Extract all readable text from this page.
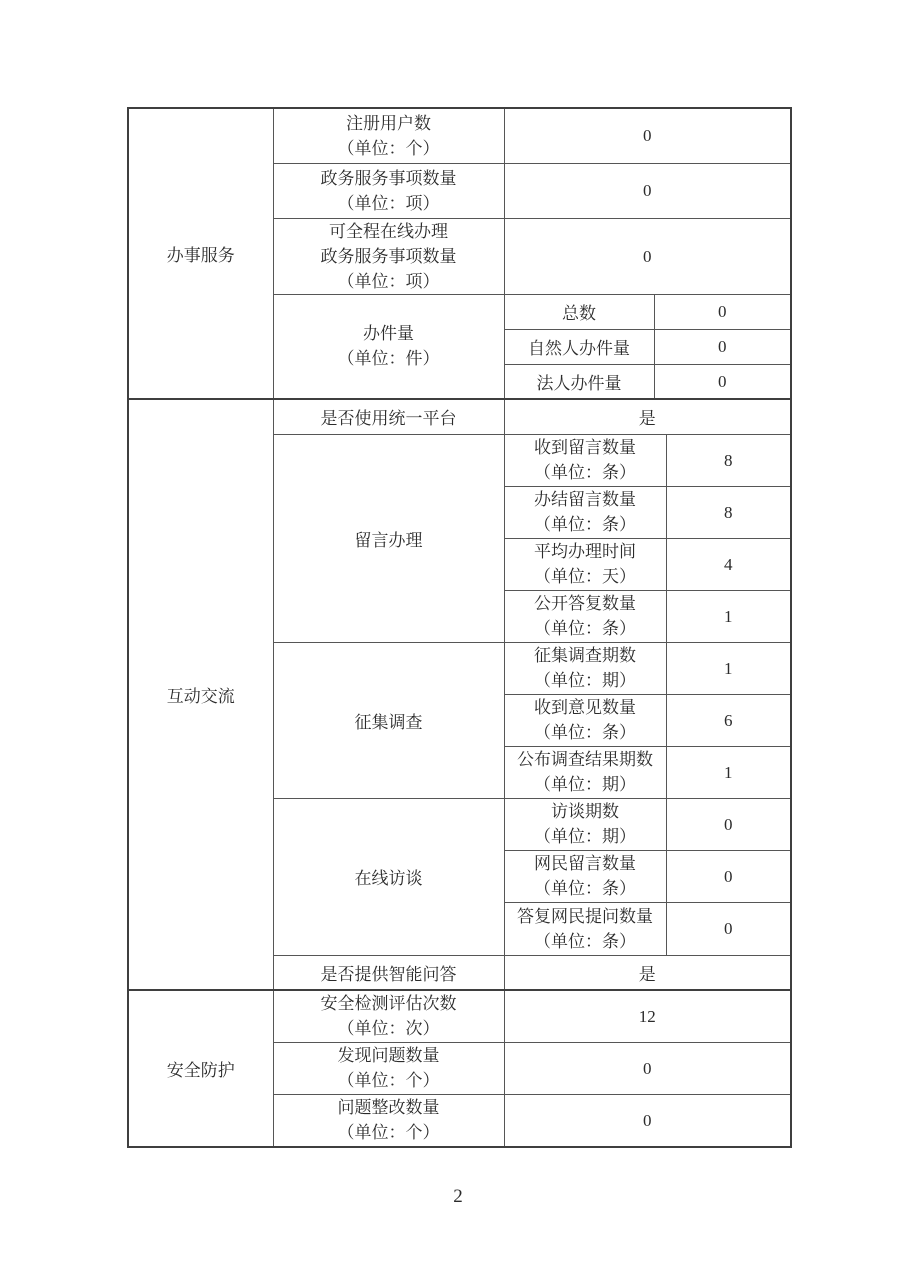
办事服务	注册用户数
（单位：个）	0		

	政务服务事项数量
（单位：项）	0		

	可全程在线办理
政务服务事项数量
（单位：项）	0		

	办件量
（单位：件）	总数	0	
		自然人办件量	0	
		法人办件量	0	
互动交流	是否使用统一平台	是		
	留言办理	收到留言数量
（单位：条）		8

		办结留言数量
（单位：条）		8

		平均办理时间
（单位：天）		4

		公开答复数量
（单位：条）		1
	征集调查	征集调查期数
（单位：期）		1

		收到意见数量
（单位：条）		6

		公布调查结果期数
（单位：期）		1
	在线访谈	访谈期数
（单位：期）		0

		网民留言数量
（单位：条）		0

		答复网民提问数量
（单位：条）		0
	是否提供智能问答	是		
安全防护	安全检测评估次数
（单位：次）	12		

	发现问题数量
（单位：个）	0		

	问题整改数量
（单位：个）	0		
2
